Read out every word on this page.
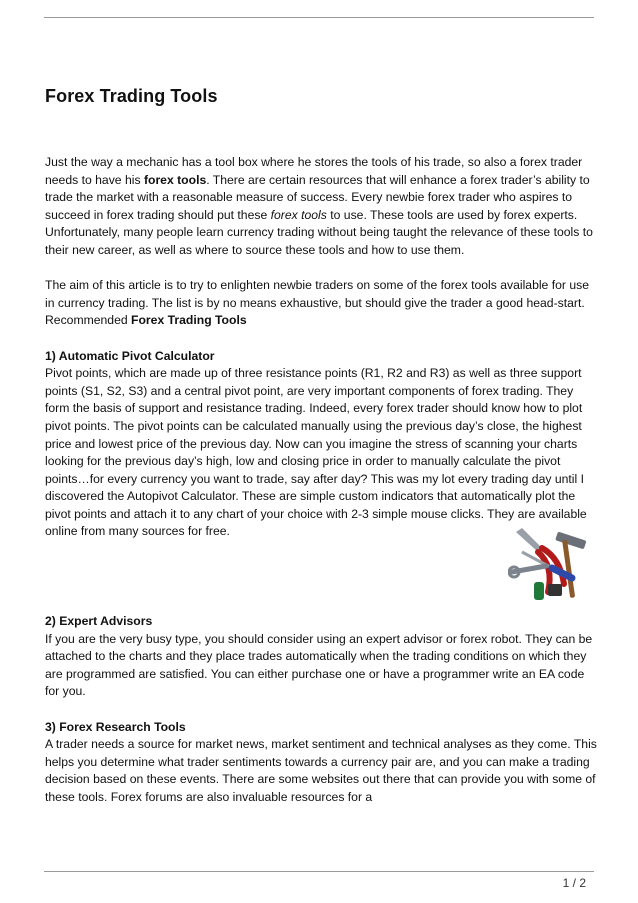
Forex Trading Tools

Just the way a mechanic has a tool box where he stores the tools of his trade, so also a forex trader needs to have his forex tools. There are certain resources that will enhance a forex trader’s ability to trade the market with a reasonable measure of success. Every newbie forex trader who aspires to succeed in forex trading should put these forex tools to use. These tools are used by forex experts. Unfortunately, many people learn currency trading without being taught the relevance of these tools to their new career, as well as where to source these tools and how to use them.

The aim of this article is to try to enlighten newbie traders on some of the forex tools available for use in currency trading. The list is by no means exhaustive, but should give the trader a good head-start.

Recommended Forex Trading Tools

1) Automatic Pivot Calculator

Pivot points, which are made up of three resistance points (R1, R2 and R3) as well as three support points (S1, S2, S3) and a central pivot point, are very important components of forex trading. They form the basis of support and resistance trading. Indeed, every forex trader should know how to plot pivot points. The pivot points can be calculated manually using the previous day’s close, the highest price and lowest price of the previous day. Now can you imagine the stress of scanning your charts looking for the previous day’s high, low and closing price in order to manually calculate the pivot points…for every currency you want to trade, say after day? This was my lot every trading day until I discovered the Autopivot Calculator. These are simple custom indicators that automatically plot the pivot points and attach it to any chart of your choice with 2-3 simple mouse clicks. They are available online from many sources for free.

2) Expert Advisors

If you are the very busy type, you should consider using an expert advisor or forex robot. They can be attached to the charts and they place trades automatically when the trading conditions on which they are programmed are satisfied. You can either purchase one or have a programmer write an EA code for you.

3) Forex Research Tools

A trader needs a source for market news, market sentiment and technical analyses as they come. This helps you determine what trader sentiments towards a currency pair are, and you can make a trading decision based on these events. There are some websites out there that can provide you with some of these tools. Forex forums are also invaluable resources for a

1 / 2
